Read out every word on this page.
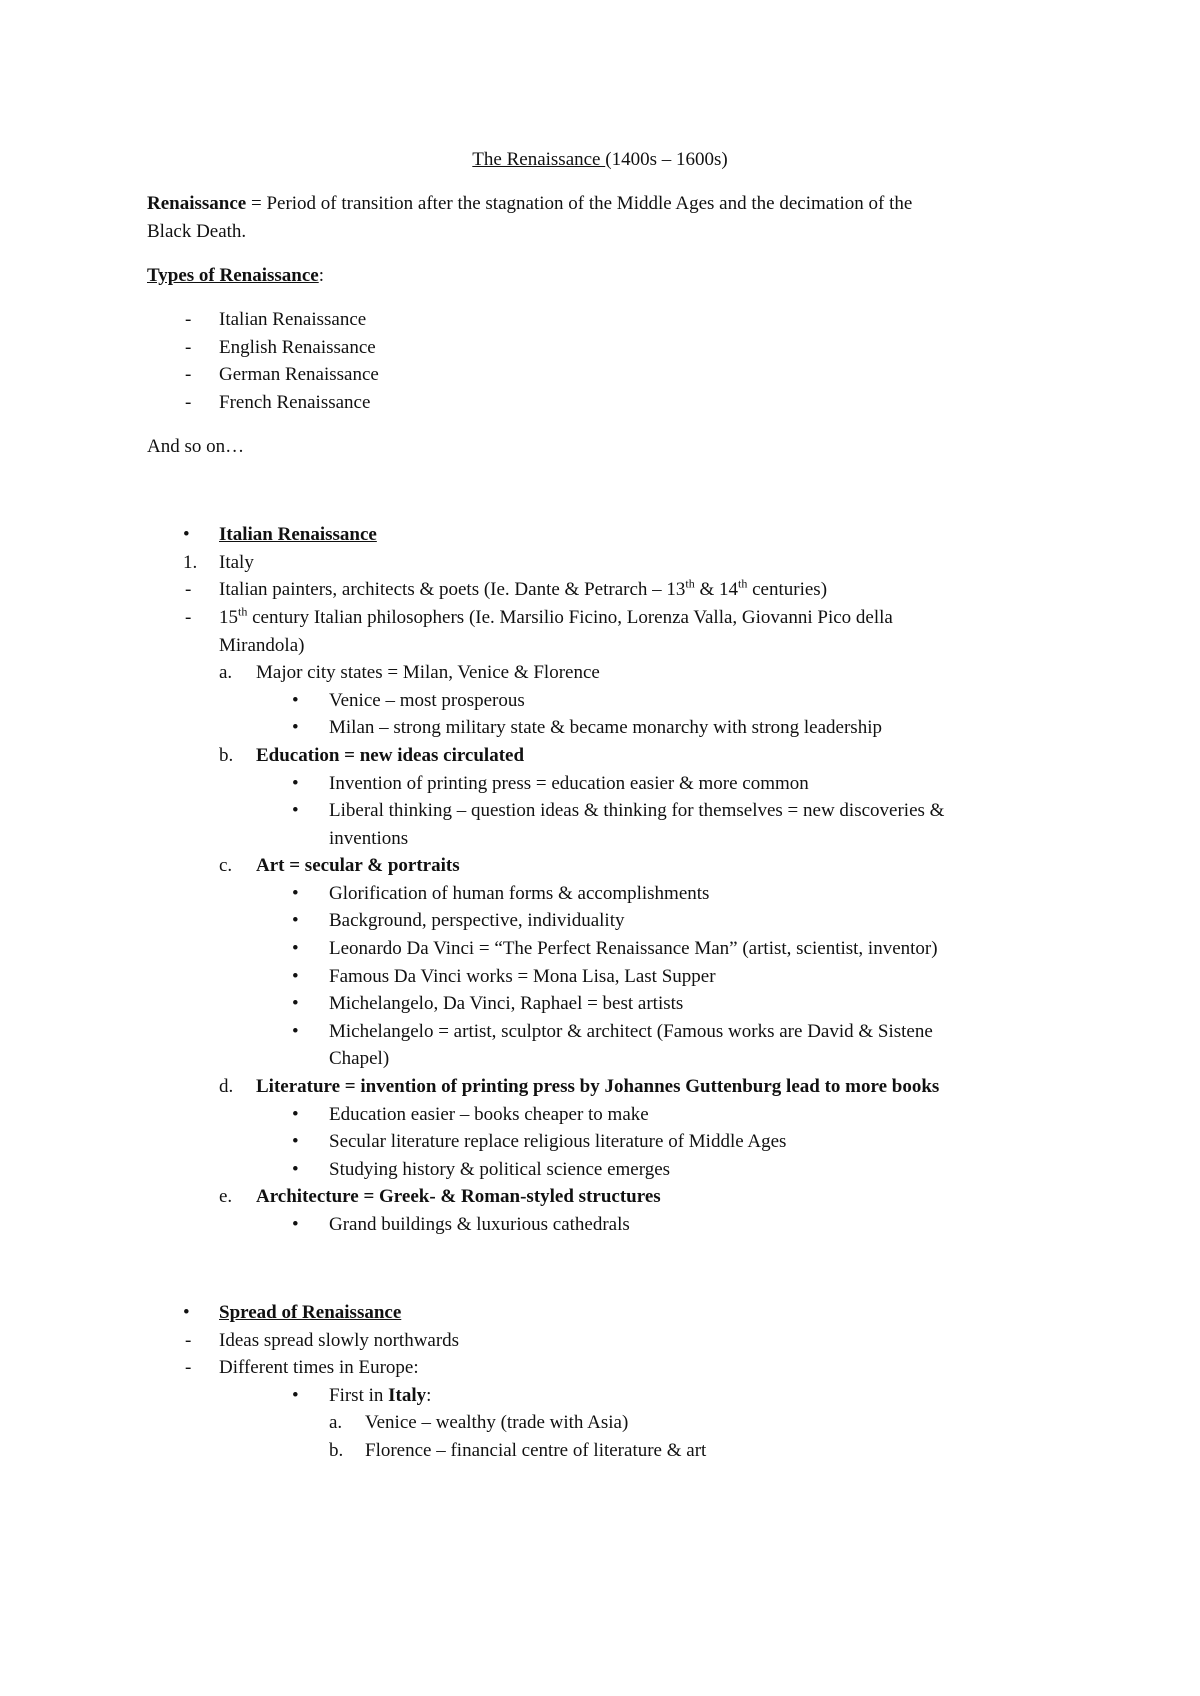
The Renaissance (1400s – 1600s)
Renaissance = Period of transition after the stagnation of the Middle Ages and the decimation of the
Black Death.
Types of Renaissance:
- Italian Renaissance
- English Renaissance
- German Renaissance
- French Renaissance
And so on…
• Italian Renaissance
1. Italy
- Italian painters, architects & poets (Ie. Dante & Petrarch – 13th & 14th centuries)
- 15th century Italian philosophers (Ie. Marsilio Ficino, Lorenza Valla, Giovanni Pico della
Mirandola)
a. Major city states = Milan, Venice & Florence
• Venice – most prosperous
• Milan – strong military state & became monarchy with strong leadership
b. Education = new ideas circulated
• Invention of printing press = education easier & more common
• Liberal thinking – question ideas & thinking for themselves = new discoveries &
inventions
c. Art = secular & portraits
• Glorification of human forms & accomplishments
• Background, perspective, individuality
• Leonardo Da Vinci = “The Perfect Renaissance Man” (artist, scientist, inventor)
• Famous Da Vinci works = Mona Lisa, Last Supper
• Michelangelo, Da Vinci, Raphael = best artists
• Michelangelo = artist, sculptor & architect (Famous works are David & Sistene
Chapel)
d. Literature = invention of printing press by Johannes Guttenburg lead to more books
• Education easier – books cheaper to make
• Secular literature replace religious literature of Middle Ages
• Studying history & political science emerges
e. Architecture = Greek- & Roman-styled structures
• Grand buildings & luxurious cathedrals
• Spread of Renaissance
- Ideas spread slowly northwards
- Different times in Europe:
• First in Italy:
a. Venice – wealthy (trade with Asia)
b. Florence – financial centre of literature & art
